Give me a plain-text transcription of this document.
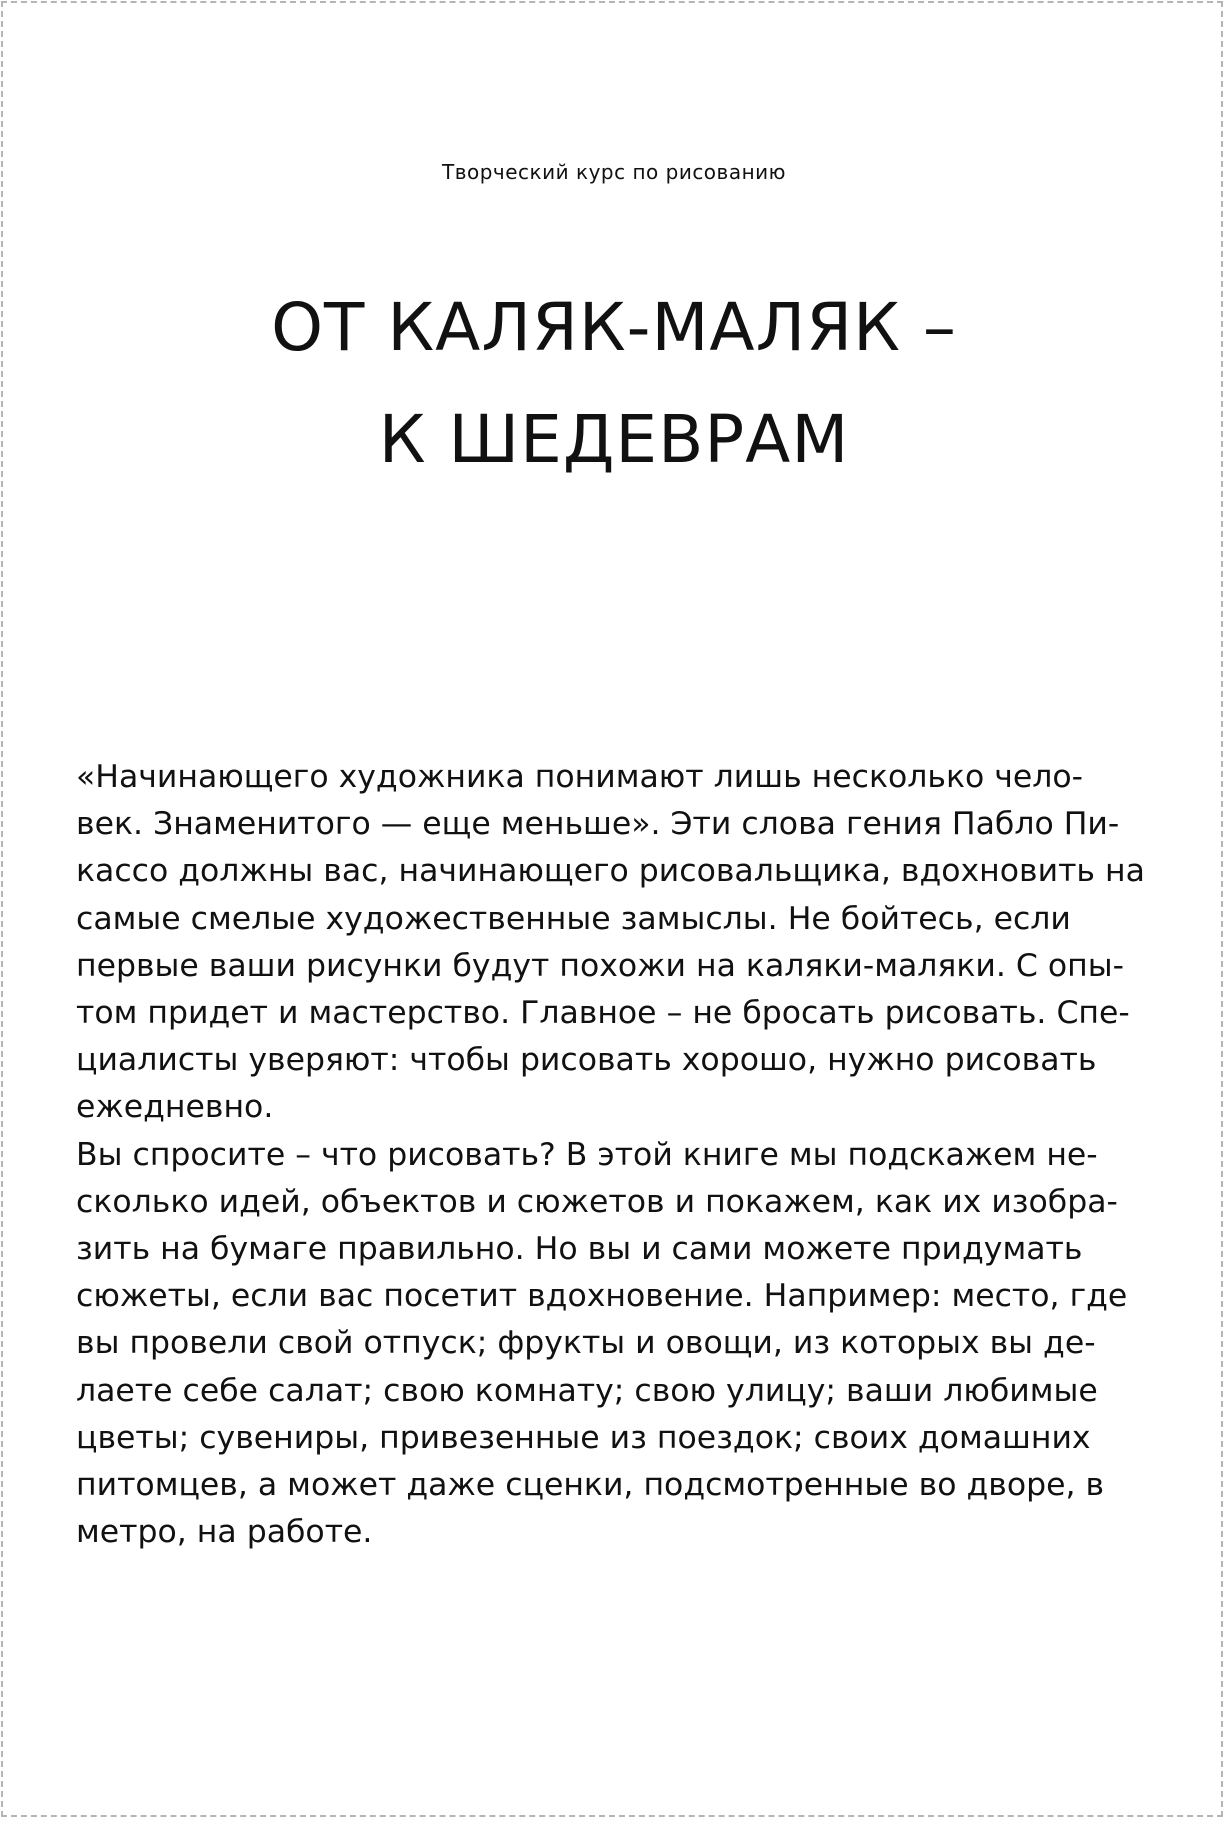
Творческий курс по рисованию
ОТ КАЛЯК-МАЛЯК –
К ШЕДЕВРАМ
«Начинающего художника понимают лишь несколько чело-
век. Знаменитого — еще меньше». Эти слова гения Пабло Пи-
кассо должны вас, начинающего рисовальщика, вдохновить на
самые смелые художественные замыслы. Не бойтесь, если
первые ваши рисунки будут похожи на каляки-маляки. С опы-
том придет и мастерство. Главное – не бросать рисовать. Спе-
циалисты уверяют: чтобы рисовать хорошо, нужно рисовать
ежедневно.
Вы спросите – что рисовать? В этой книге мы подскажем не-
сколько идей, объектов и сюжетов и покажем, как их изобра-
зить на бумаге правильно. Но вы и сами можете придумать
сюжеты, если вас посетит вдохновение. Например: место, где
вы провели свой отпуск; фрукты и овощи, из которых вы де-
лаете себе салат; свою комнату; свою улицу; ваши любимые
цветы; сувениры, привезенные из поездок; своих домашних
питомцев, а может даже сценки, подсмотренные во дворе, в
метро, на работе.
